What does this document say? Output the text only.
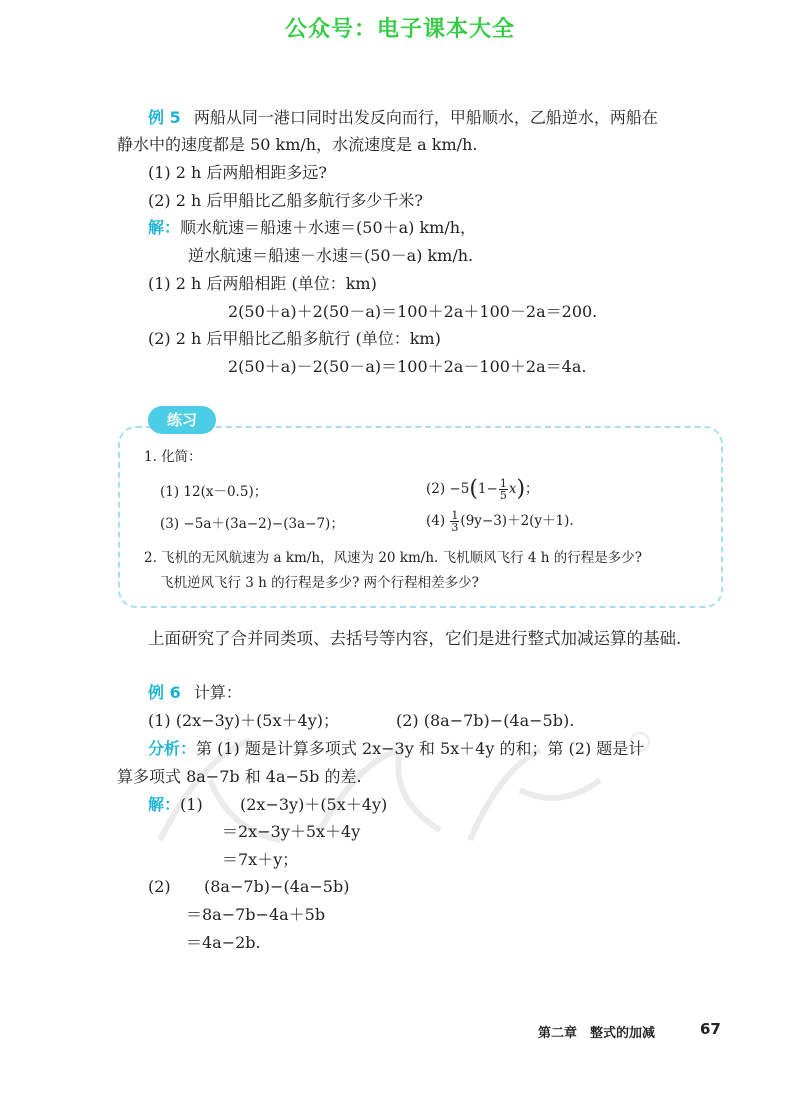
公众号：电子课本大全
例 5 两船从同一港口同时出发反向而行，甲船顺水，乙船逆水，两船在
静水中的速度都是 50 km/h，水流速度是 a km/h.
(1) 2 h 后两船相距多远?
(2) 2 h 后甲船比乙船多航行多少千米?
解：顺水航速＝船速＋水速＝(50＋a) km/h，
逆水航速＝船速－水速＝(50－a) km/h.
(1) 2 h 后两船相距 (单位：km)
2(50＋a)＋2(50－a)＝100＋2a＋100－2a＝200.
(2) 2 h 后甲船比乙船多航行 (单位：km)
2(50＋a)－2(50－a)＝100＋2a－100＋2a＝4a.
练习
1. 化简：
(1) 12(x－0.5)；	$(2) -5(1- \frac{1}{5} x)$；
(3) −5a＋(3a−2)−(3a−7)；	$(4) \frac{1}{3} (9y-3)+2(y+1)$.
2. 飞机的无风航速为 a km/h，风速为 20 km/h. 飞机顺风飞行 4 h 的行程是多少?
飞机逆风飞行 3 h 的行程是多少? 两个行程相差多少?
上面研究了合并同类项、去括号等内容，它们是进行整式加减运算的基础.
例 6 计算：
(1) (2x−3y)＋(5x＋4y)；	(2) (8a−7b)−(4a−5b).
分析：第 (1) 题是计算多项式 2x−3y 和 5x＋4y 的和；第 (2) 题是计
算多项式 8a−7b 和 4a−5b 的差.
解：(1) (2x−3y)＋(5x＋4y)
＝2x−3y＋5x＋4y
＝7x＋y；
(2) (8a−7b)−(4a−5b)
＝8a−7b−4a＋5b
＝4a−2b.
第二章　整式的加减	67
